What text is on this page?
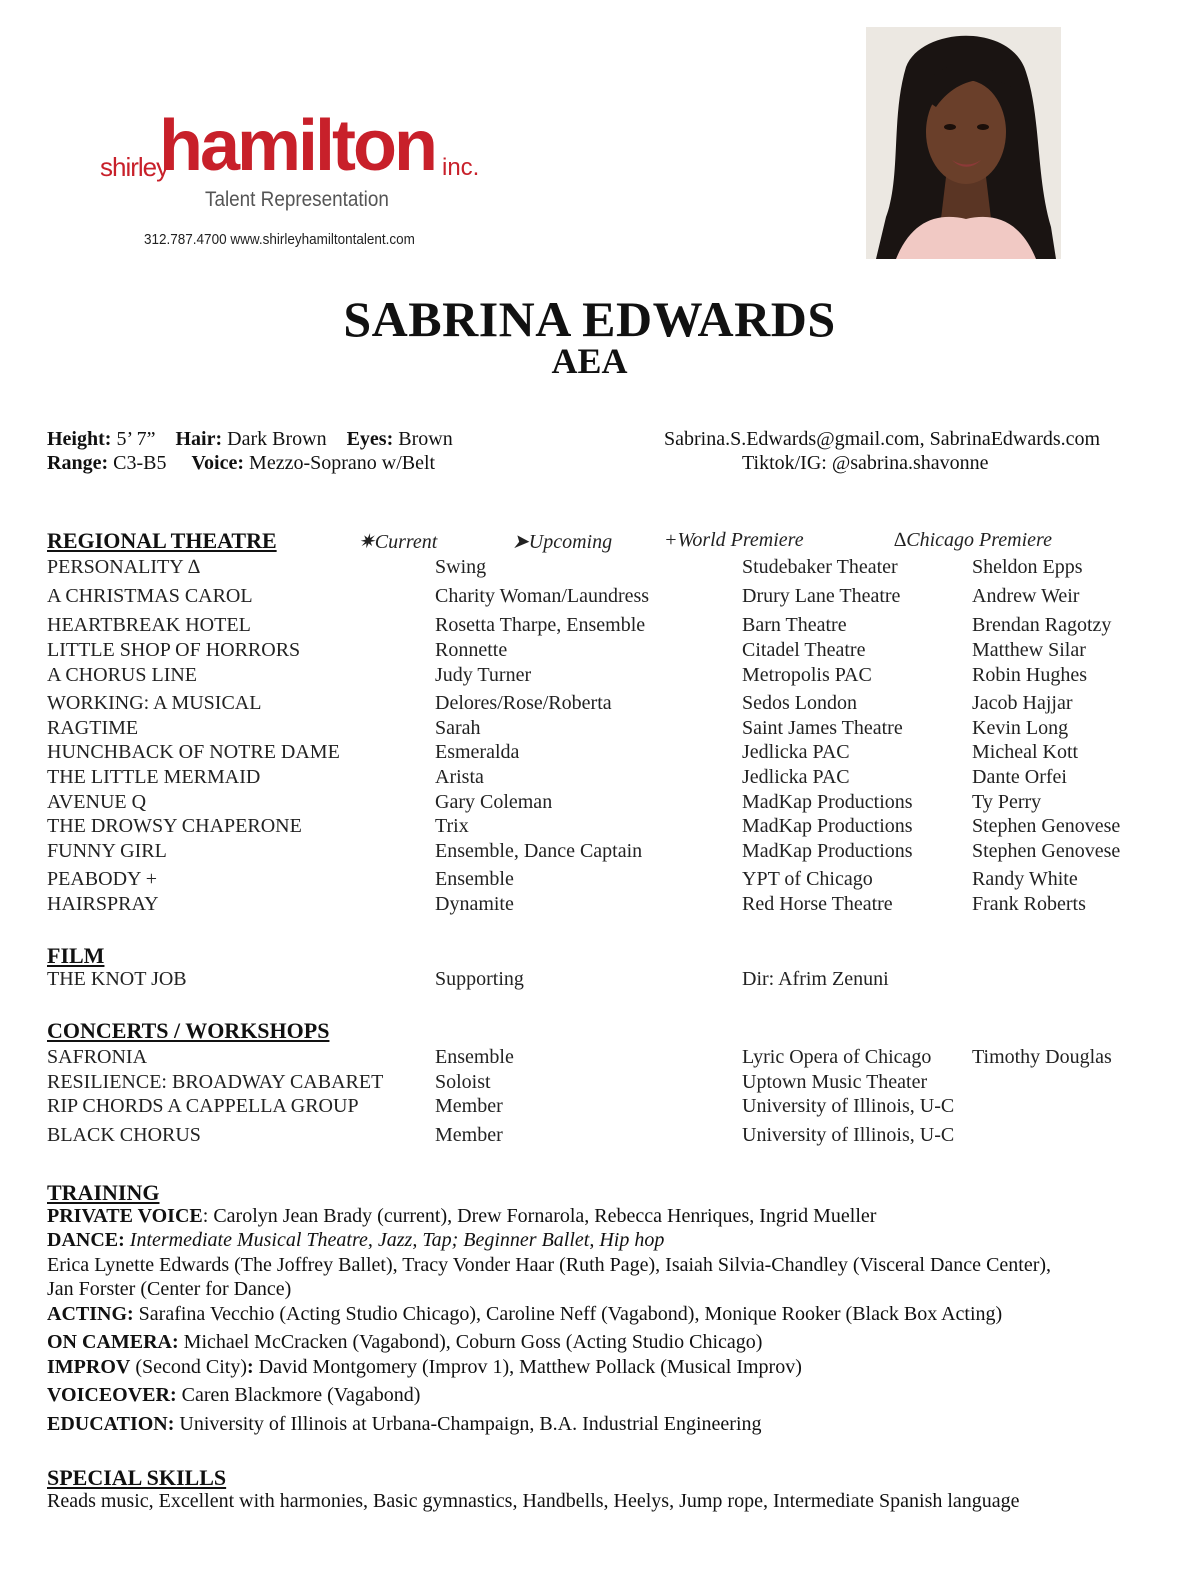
shirley
hamilton inc.
Talent Representation
312.787.4700 www.shirleyhamiltontalent.com
SABRINA EDWARDS
AEA
Height: 5’ 7” Hair: Dark Brown Eyes: Brown
Range: C3-B5 Voice: Mezzo-Soprano w/Belt
Sabrina.S.Edwards@gmail.com, SabrinaEdwards.com
Tiktok/IG: @sabrina.shavonne
REGIONAL THEATRE	✷Current	➤Upcoming	+World Premiere	∆Chicago Premiere
PERSONALITY ∆	Swing	Studebaker Theater	Sheldon Epps
A CHRISTMAS CAROL	Charity Woman/Laundress	Drury Lane Theatre	Andrew Weir
HEARTBREAK HOTEL	Rosetta Tharpe, Ensemble	Barn Theatre	Brendan Ragotzy
LITTLE SHOP OF HORRORS	Ronnette	Citadel Theatre	Matthew Silar
A CHORUS LINE	Judy Turner	Metropolis PAC	Robin Hughes
WORKING: A MUSICAL	Delores/Rose/Roberta	Sedos London	Jacob Hajjar
RAGTIME	Sarah	Saint James Theatre	Kevin Long
HUNCHBACK OF NOTRE DAME	Esmeralda	Jedlicka PAC	Micheal Kott
THE LITTLE MERMAID	Arista	Jedlicka PAC	Dante Orfei
AVENUE Q	Gary Coleman	MadKap Productions	Ty Perry
THE DROWSY CHAPERONE	Trix	MadKap Productions	Stephen Genovese
FUNNY GIRL	Ensemble, Dance Captain	MadKap Productions	Stephen Genovese
PEABODY +	Ensemble	YPT of Chicago	Randy White
HAIRSPRAY	Dynamite	Red Horse Theatre	Frank Roberts
FILM
THE KNOT JOB	Supporting	Dir: Afrim Zenuni
CONCERTS / WORKSHOPS
SAFRONIA	Ensemble	Lyric Opera of Chicago Timothy Douglas
RESILIENCE: BROADWAY CABARET	Soloist	Uptown Music Theater
RIP CHORDS A CAPPELLA GROUP	Member	University of Illinois, U-C
BLACK CHORUS	Member	University of Illinois, U-C
TRAINING
PRIVATE VOICE: Carolyn Jean Brady (current), Drew Fornarola, Rebecca Henriques, Ingrid Mueller
DANCE: Intermediate Musical Theatre, Jazz, Tap; Beginner Ballet, Hip hop
Erica Lynette Edwards (The Joffrey Ballet), Tracy Vonder Haar (Ruth Page), Isaiah Silvia-Chandley (Visceral Dance Center),
Jan Forster (Center for Dance)
ACTING: Sarafina Vecchio (Acting Studio Chicago), Caroline Neff (Vagabond), Monique Rooker (Black Box Acting)
ON CAMERA: Michael McCracken (Vagabond), Coburn Goss (Acting Studio Chicago)
IMPROV (Second City): David Montgomery (Improv 1), Matthew Pollack (Musical Improv)
VOICEOVER: Caren Blackmore (Vagabond)
EDUCATION: University of Illinois at Urbana-Champaign, B.A. Industrial Engineering
SPECIAL SKILLS
Reads music, Excellent with harmonies, Basic gymnastics, Handbells, Heelys, Jump rope, Intermediate Spanish language
